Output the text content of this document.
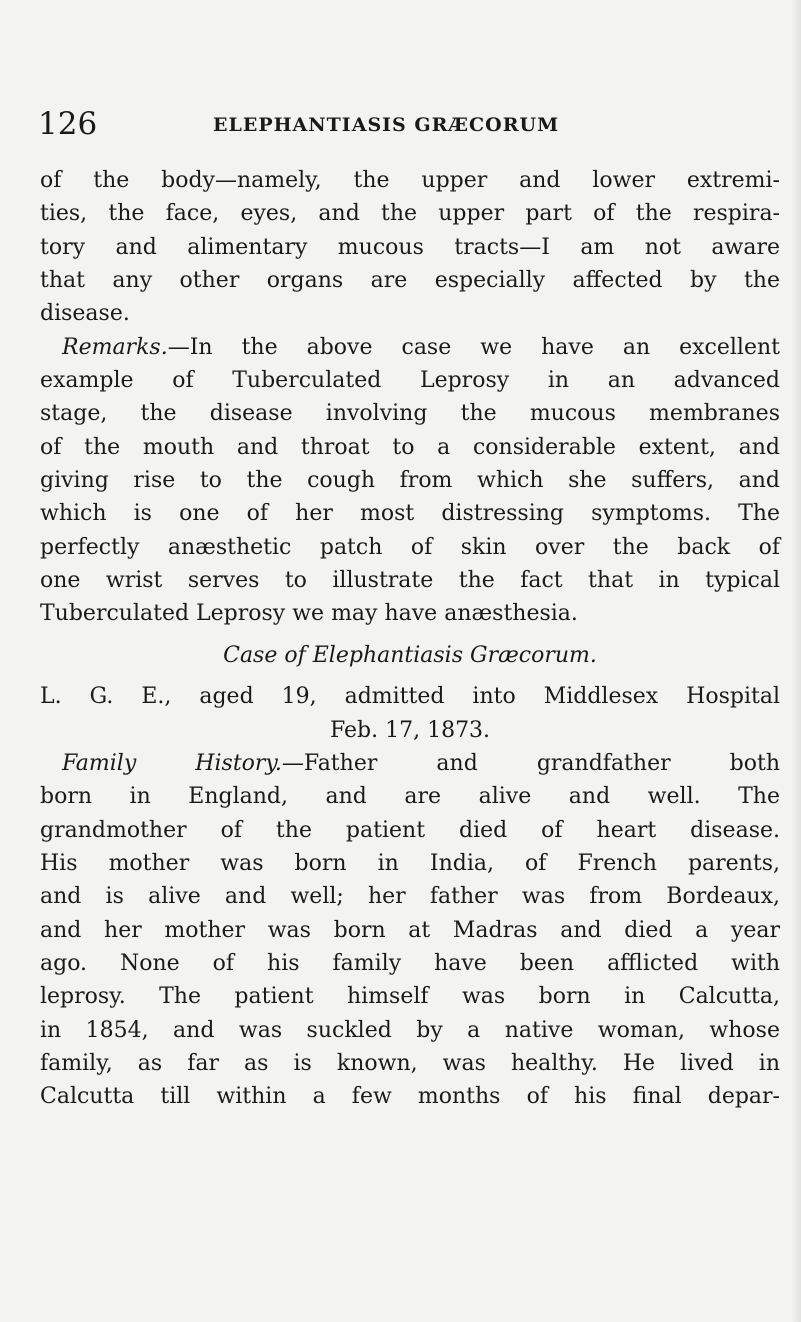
126	ELEPHANTIASIS GRÆCORUM
of the body—namely, the upper and lower extremi-
ties, the face, eyes, and the upper part of the respira-
tory and alimentary mucous tracts—I am not aware
that any other organs are especially affected by the
disease.
Remarks.—In the above case we have an excellent
example of Tuberculated Leprosy in an advanced
stage, the disease involving the mucous membranes
of the mouth and throat to a considerable extent, and
giving rise to the cough from which she suffers, and
which is one of her most distressing symptoms. The
perfectly anæsthetic patch of skin over the back of
one wrist serves to illustrate the fact that in typical
Tuberculated Leprosy we may have anæsthesia.
Case of Elephantiasis Græcorum.
L. G. E., aged 19, admitted into Middlesex Hospital
Feb. 17, 1873.
Family History.—Father and grandfather both
born in England, and are alive and well. The
grandmother of the patient died of heart disease.
His mother was born in India, of French parents,
and is alive and well; her father was from Bordeaux,
and her mother was born at Madras and died a year
ago. None of his family have been afflicted with
leprosy. The patient himself was born in Calcutta,
in 1854, and was suckled by a native woman, whose
family, as far as is known, was healthy. He lived in
Calcutta till within a few months of his final depar-
